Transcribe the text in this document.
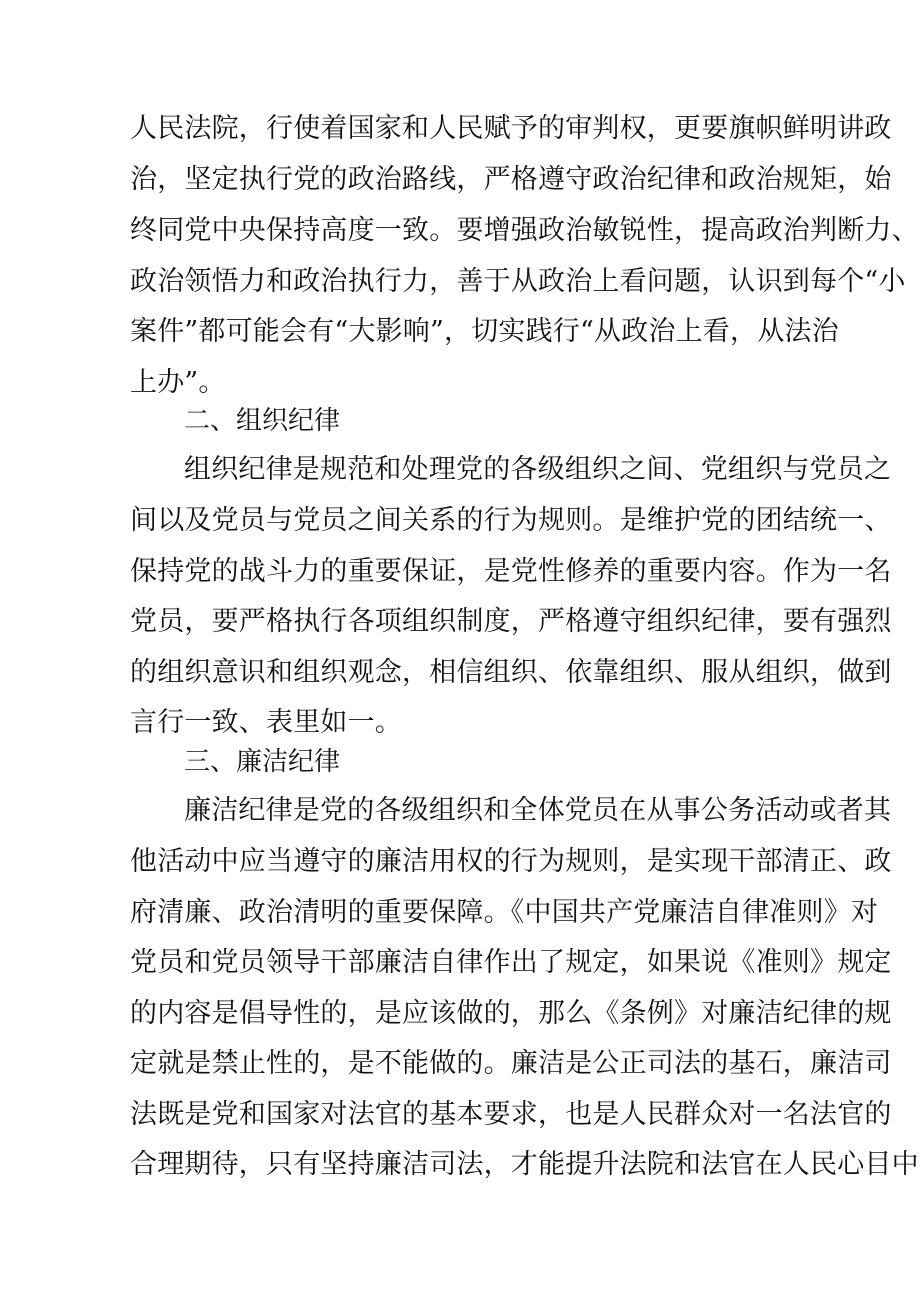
人民法院，行使着国家和人民赋予的审判权，更要旗帜鲜明讲政
治，坚定执行党的政治路线，严格遵守政治纪律和政治规矩，始
终同党中央保持高度一致。要增强政治敏锐性，提高政治判断力、
政治领悟力和政治执行力，善于从政治上看问题，认识到每个“小
案件”都可能会有“大影响”，切实践行“从政治上看，从法治
上办”。
二、组织纪律
组织纪律是规范和处理党的各级组织之间、党组织与党员之
间以及党员与党员之间关系的行为规则。是维护党的团结统一、
保持党的战斗力的重要保证，是党性修养的重要内容。作为一名
党员，要严格执行各项组织制度，严格遵守组织纪律，要有强烈
的组织意识和组织观念，相信组织、依靠组织、服从组织，做到
言行一致、表里如一。
三、廉洁纪律
廉洁纪律是党的各级组织和全体党员在从事公务活动或者其
他活动中应当遵守的廉洁用权的行为规则，是实现干部清正、政
府清廉、政治清明的重要保障。《中国共产党廉洁自律准则》对
党员和党员领导干部廉洁自律作出了规定，如果说《准则》规定
的内容是倡导性的，是应该做的，那么《条例》对廉洁纪律的规
定就是禁止性的，是不能做的。廉洁是公正司法的基石，廉洁司
法既是党和国家对法官的基本要求，也是人民群众对一名法官的
合理期待，只有坚持廉洁司法，才能提升法院和法官在人民心目中
